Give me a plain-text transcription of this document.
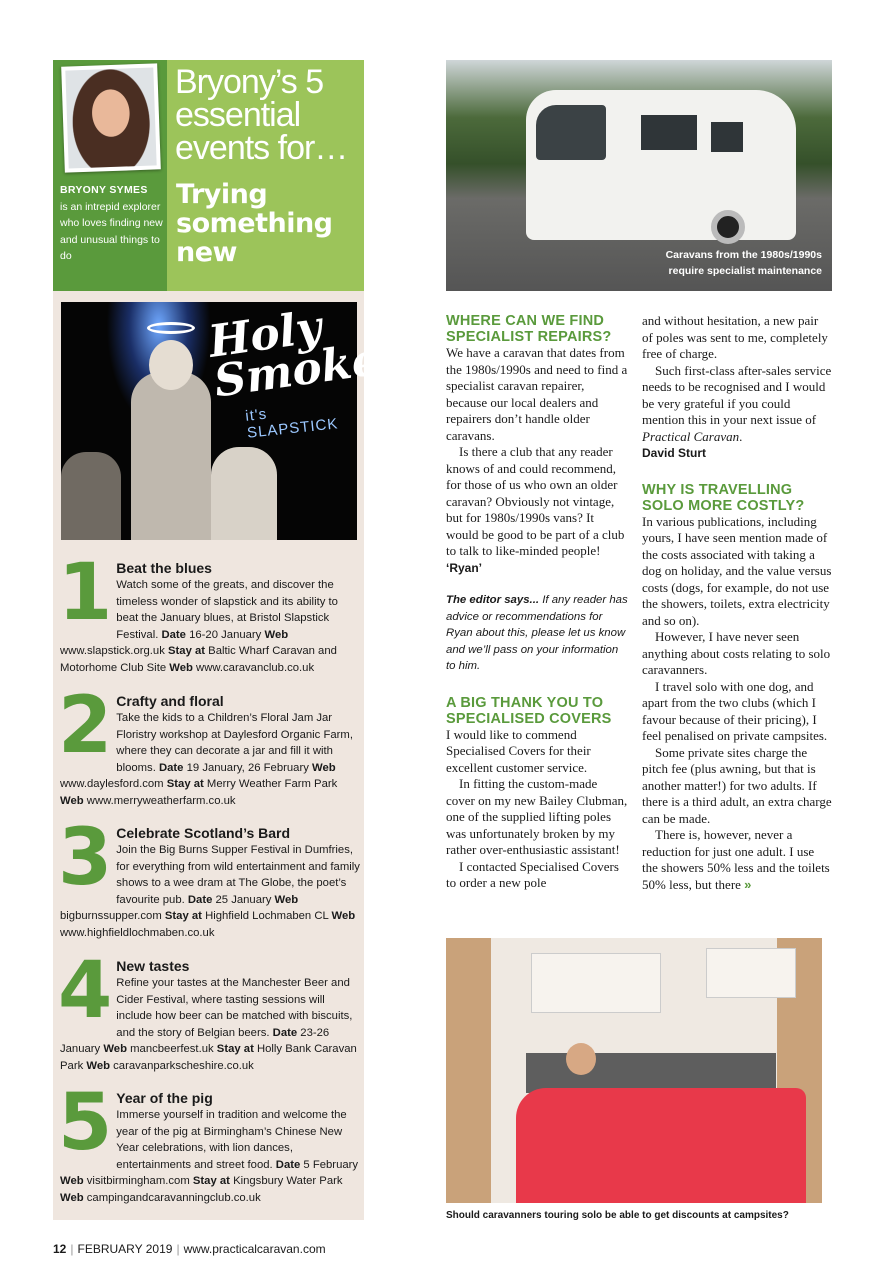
BRYONY SYMES
is an intrepid explorer who loves finding new and unusual things to do
Bryony’s 5 essential events for…
Trying something new
Holy Smoke!
it's SLAPSTICK
1 Beat the blues
Watch some of the greats, and discover the timeless wonder of slapstick and its ability to beat the January blues, at Bristol Slapstick Festival. Date 16-20 January Web www.slapstick.org.uk Stay at Baltic Wharf Caravan and Motorhome Club Site Web www.caravanclub.co.uk
2 Crafty and floral
Take the kids to a Children’s Floral Jam Jar Floristry workshop at Daylesford Organic Farm, where they can decorate a jar and fill it with blooms. Date 19 January, 26 February Web www.daylesford.com Stay at Merry Weather Farm Park Web www.merryweatherfarm.co.uk
3 Celebrate Scotland’s Bard
Join the Big Burns Supper Festival in Dumfries, for everything from wild entertainment and family shows to a wee dram at The Globe, the poet’s favourite pub. Date 25 January Web bigburnssupper.com Stay at Highfield Lochmaben CL Web www.highfieldlochmaben.co.uk
4 New tastes
Refine your tastes at the Manchester Beer and Cider Festival, where tasting sessions will include how beer can be matched with biscuits, and the story of Belgian beers. Date 23-26 January Web mancbeerfest.uk Stay at Holly Bank Caravan Park Web caravanparkscheshire.co.uk
5 Year of the pig
Immerse yourself in tradition and welcome the year of the pig at Birmingham’s Chinese New Year celebrations, with lion dances, entertainments and street food. Date 5 February Web visitbirmingham.com Stay at Kingsbury Water Park Web campingandcaravanningclub.co.uk
Caravans from the 1980s/1990s
require specialist maintenance
WHERE CAN WE FIND SPECIALIST REPAIRS?

We have a caravan that dates from the 1980s/1990s and need to find a specialist caravan repairer, because our local dealers and repairers don’t handle older caravans.

Is there a club that any reader knows of and could recommend, for those of us who own an older caravan? Obviously not vintage, but for 1980s/1990s vans? It would be good to be part of a club to talk to like-minded people!

‘Ryan’
The editor says... If any reader has advice or recommendations for Ryan about this, please let us know and we’ll pass on your information to him.
A BIG THANK YOU TO SPECIALISED COVERS

I would like to commend Specialised Covers for their excellent customer service.

In fitting the custom-made cover on my new Bailey Clubman, one of the supplied lifting poles was unfortunately broken by my rather over-enthusiastic assistant!

I contacted Specialised Covers to order a new pole

and without hesitation, a new pair of poles was sent to me, completely free of charge.

Such first-class after-sales service needs to be recognised and I would be very grateful if you could mention this in your next issue of Practical Caravan.

David Sturt
WHY IS TRAVELLING SOLO MORE COSTLY?

In various publications, including yours, I have seen mention made of the costs associated with taking a dog on holiday, and the value versus costs (dogs, for example, do not use the showers, toilets, extra electricity and so on).

However, I have never seen anything about costs relating to solo caravanners.

I travel solo with one dog, and apart from the two clubs (which I favour because of their pricing), I feel penalised on private campsites.

Some private sites charge the pitch fee (plus awning, but that is another matter!) for two adults. If there is a third adult, an extra charge can be made.

There is, however, never a reduction for just one adult. I use the showers 50% less and the toilets 50% less, but there »

Should caravanners touring solo be able to get discounts at campsites?
12 | FEBRUARY 2019 | www.practicalcaravan.com
